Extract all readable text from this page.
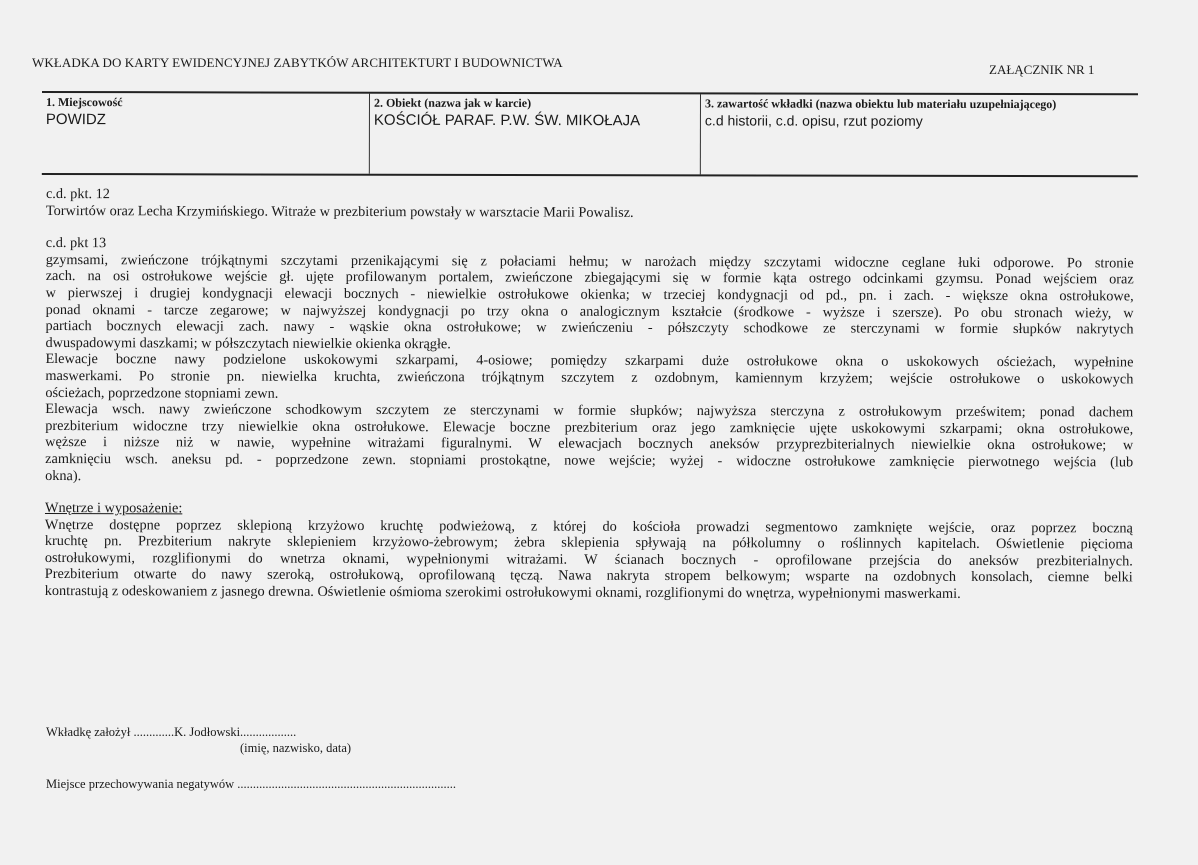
WKŁADKA DO KARTY EWIDENCYJNEJ ZABYTKÓW ARCHITEKTURT I BUDOWNICTWA	ZAŁĄCZNIK NR 1
1. Miejscowość
POWIDZ
2. Obiekt (nazwa jak w karcie)
KOŚCIÓŁ PARAF. P.W. ŚW. MIKOŁAJA
3. zawartość wkładki (nazwa obiektu lub materiału uzupełniającego)
c.d historii, c.d. opisu, rzut poziomy

c.d. pkt. 12

Torwirtów oraz Lecha Krzymińskiego. Witraże w prezbiterium powstały w warsztacie Marii Powalisz.

c.d. pkt 13

gzymsami, zwieńczone trójkątnymi szczytami przenikającymi się z połaciami hełmu; w narożach między szczytami widoczne ceglane łuki odporowe. Po stronie

zach. na osi ostrołukowe wejście gł. ujęte profilowanym portalem, zwieńczone zbiegającymi się w formie kąta ostrego odcinkami gzymsu. Ponad wejściem oraz

w pierwszej i drugiej kondygnacji elewacji bocznych - niewielkie ostrołukowe okienka; w trzeciej kondygnacji od pd., pn. i zach. - większe okna ostrołukowe,

ponad oknami - tarcze zegarowe; w najwyższej kondygnacji po trzy okna o analogicznym kształcie (środkowe - wyższe i szersze). Po obu stronach wieży, w

partiach bocznych elewacji zach. nawy - wąskie okna ostrołukowe; w zwieńczeniu - półszczyty schodkowe ze sterczynami w formie słupków nakrytych

dwuspadowymi daszkami; w półszczytach niewielkie okienka okrągłe.

Elewacje boczne nawy podzielone uskokowymi szkarpami, 4-osiowe; pomiędzy szkarpami duże ostrołukowe okna o uskokowych ościeżach, wypełnine

maswerkami. Po stronie pn. niewielka kruchta, zwieńczona trójkątnym szczytem z ozdobnym, kamiennym krzyżem; wejście ostrołukowe o uskokowych

ościeżach, poprzedzone stopniami zewn.

Elewacja wsch. nawy zwieńczone schodkowym szczytem ze sterczynami w formie słupków; najwyższa sterczyna z ostrołukowym prześwitem; ponad dachem

prezbiterium widoczne trzy niewielkie okna ostrołukowe. Elewacje boczne prezbiterium oraz jego zamknięcie ujęte uskokowymi szkarpami; okna ostrołukowe,

węższe i niższe niż w nawie, wypełnine witrażami figuralnymi. W elewacjach bocznych aneksów przyprezbiterialnych niewielkie okna ostrołukowe; w

zamknięciu wsch. aneksu pd. - poprzedzone zewn. stopniami prostokątne, nowe wejście; wyżej - widoczne ostrołukowe zamknięcie pierwotnego wejścia (lub

okna).

Wnętrze i wyposażenie:

Wnętrze dostępne poprzez sklepioną krzyżowo kruchtę podwieżową, z której do kościoła prowadzi segmentowo zamknięte wejście, oraz poprzez boczną

kruchtę pn. Prezbiterium nakryte sklepieniem krzyżowo-żebrowym; żebra sklepienia spływają na półkolumny o roślinnych kapitelach. Oświetlenie pięciomа

ostrołukowymi, rozglifionymi do wnetrza oknami, wypełnionymi witrażami. W ścianach bocznych - oprofilowane przejścia do aneksów prezbiterialnych.

Prezbiterium otwarte do nawy szeroką, ostrołukową, oprofilowaną tęczą. Nawa nakryta stropem belkowym; wsparte na ozdobnych konsolach, ciemne belki

kontrastują z odeskowaniem z jasnego drewna. Oświetlenie ośmioma szerokimi ostrołukowymi oknami, rozglifionymi do wnętrza, wypełnionymi maswerkami.

Wkładkę założył .............K. Jodłowski..................
(imię, nazwisko, data)
Miejsce przechowywania negatywów ......................................................................
